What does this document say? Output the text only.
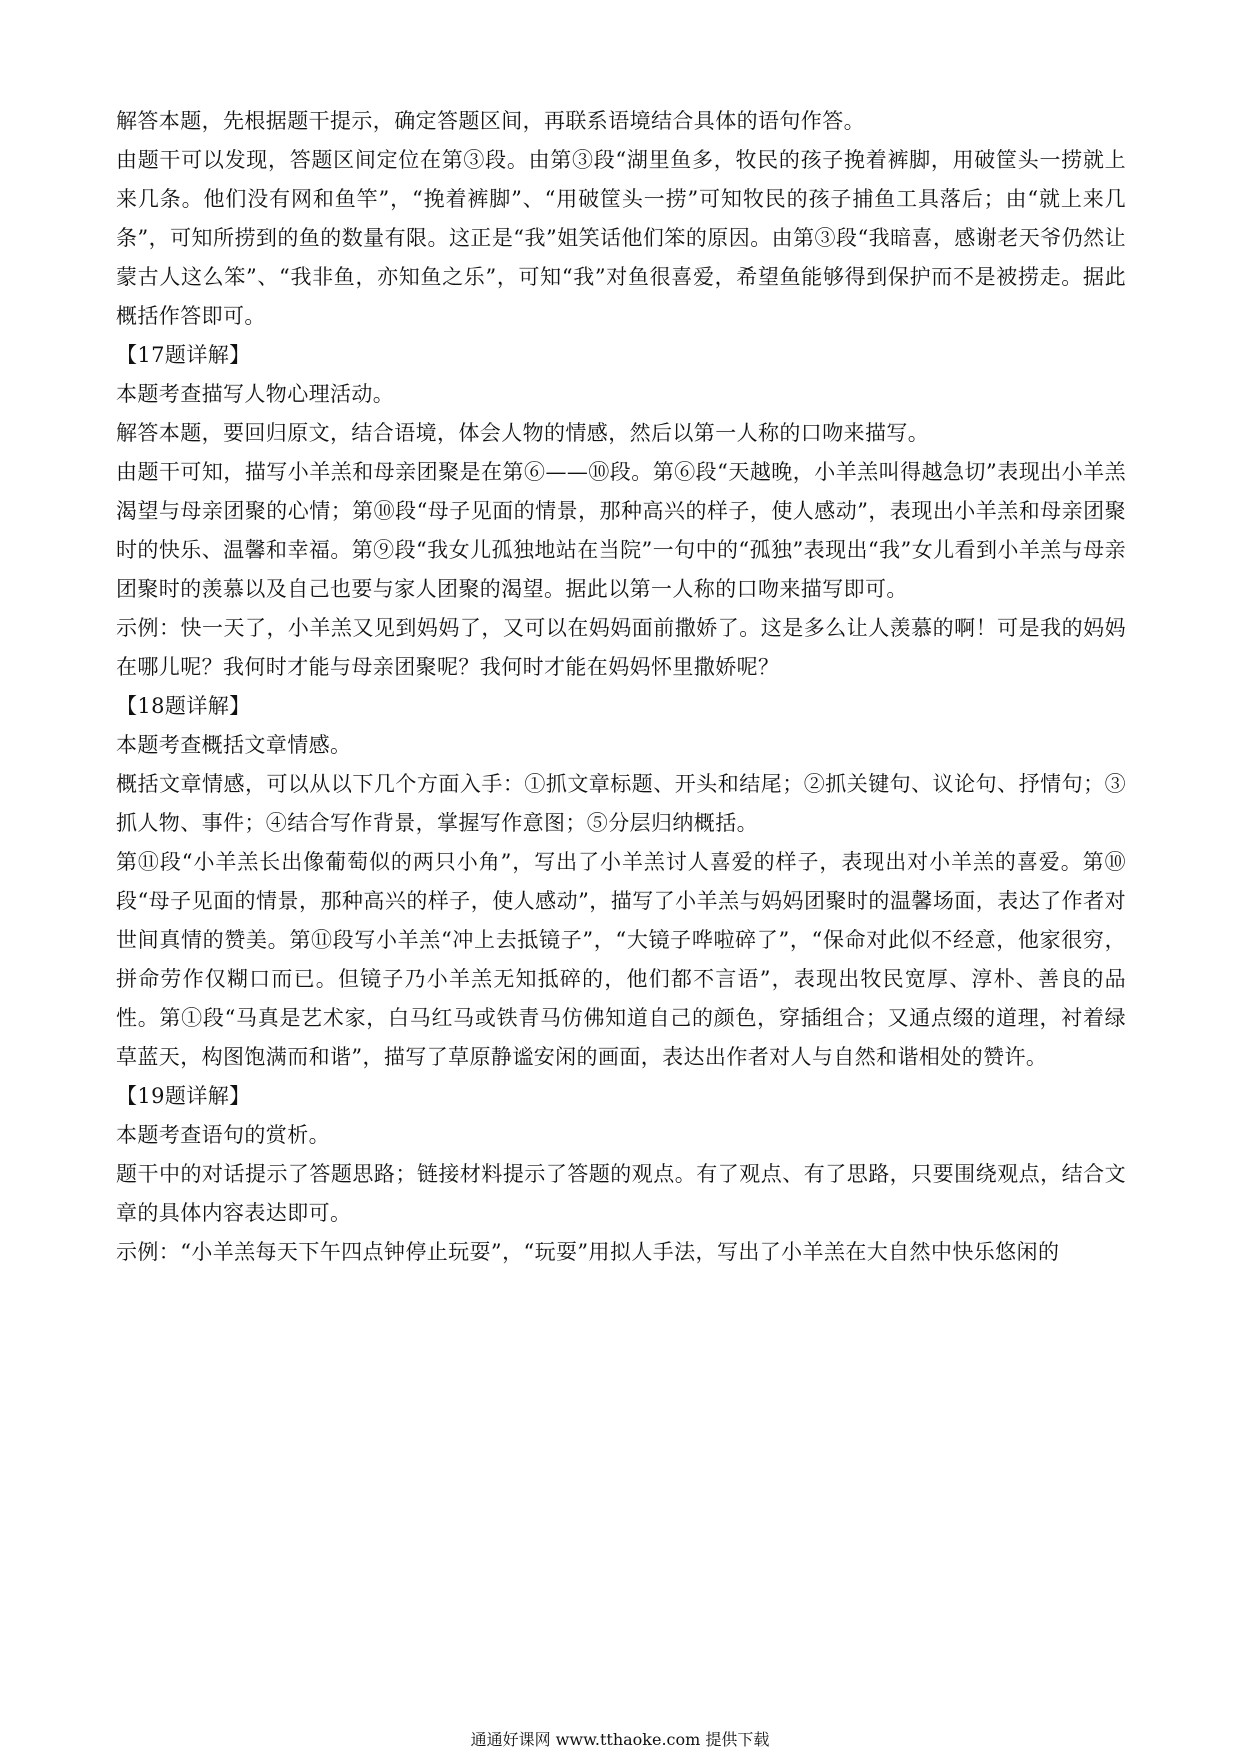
解答本题，先根据题干提示，确定答题区间，再联系语境结合具体的语句作答。

由题干可以发现，答题区间定位在第③段。由第③段“湖里鱼多，牧民的孩子挽着裤脚，用破筐头一捞就上来几条。他们没有网和鱼竿”，“挽着裤脚”、“用破筐头一捞”可知牧民的孩子捕鱼工具落后；由“就上来几条”，可知所捞到的鱼的数量有限。这正是“我”姐笑话他们笨的原因。由第③段“我暗喜，感谢老天爷仍然让蒙古人这么笨”、“我非鱼，亦知鱼之乐”，可知“我”对鱼很喜爱，希望鱼能够得到保护而不是被捞走。据此概括作答即可。

【17题详解】

本题考查描写人物心理活动。

解答本题，要回归原文，结合语境，体会人物的情感，然后以第一人称的口吻来描写。

由题干可知，描写小羊羔和母亲团聚是在第⑥——⑩段。第⑥段“天越晚，小羊羔叫得越急切”表现出小羊羔渴望与母亲团聚的心情；第⑩段“母子见面的情景，那种高兴的样子，使人感动”，表现出小羊羔和母亲团聚时的快乐、温馨和幸福。第⑨段“我女儿孤独地站在当院”一句中的“孤独”表现出“我”女儿看到小羊羔与母亲团聚时的羡慕以及自己也要与家人团聚的渴望。据此以第一人称的口吻来描写即可。

示例：快一天了，小羊羔又见到妈妈了，又可以在妈妈面前撒娇了。这是多么让人羡慕的啊！可是我的妈妈在哪儿呢？我何时才能与母亲团聚呢？我何时才能在妈妈怀里撒娇呢？

【18题详解】

本题考查概括文章情感。

概括文章情感，可以从以下几个方面入手：①抓文章标题、开头和结尾；②抓关键句、议论句、抒情句；③抓人物、事件；④结合写作背景，掌握写作意图；⑤分层归纳概括。

第⑪段“小羊羔长出像葡萄似的两只小角”，写出了小羊羔讨人喜爱的样子，表现出对小羊羔的喜爱。第⑩段“母子见面的情景，那种高兴的样子，使人感动”，描写了小羊羔与妈妈团聚时的温馨场面，表达了作者对世间真情的赞美。第⑪段写小羊羔“冲上去抵镜子”，“大镜子哗啦碎了”，“保命对此似不经意，他家很穷，拼命劳作仅糊口而已。但镜子乃小羊羔无知抵碎的，他们都不言语”，表现出牧民宽厚、淳朴、善良的品性。第①段“马真是艺术家，白马红马或铁青马仿佛知道自己的颜色，穿插组合；又通点缀的道理，衬着绿草蓝天，构图饱满而和谐”，描写了草原静谧安闲的画面，表达出作者对人与自然和谐相处的赞许。

【19题详解】

本题考查语句的赏析。

题干中的对话提示了答题思路；链接材料提示了答题的观点。有了观点、有了思路，只要围绕观点，结合文章的具体内容表达即可。

示例：“小羊羔每天下午四点钟停止玩耍”，“玩耍”用拟人手法，写出了小羊羔在大自然中快乐悠闲的

通通好课网 www.tthaoke.com 提供下载
